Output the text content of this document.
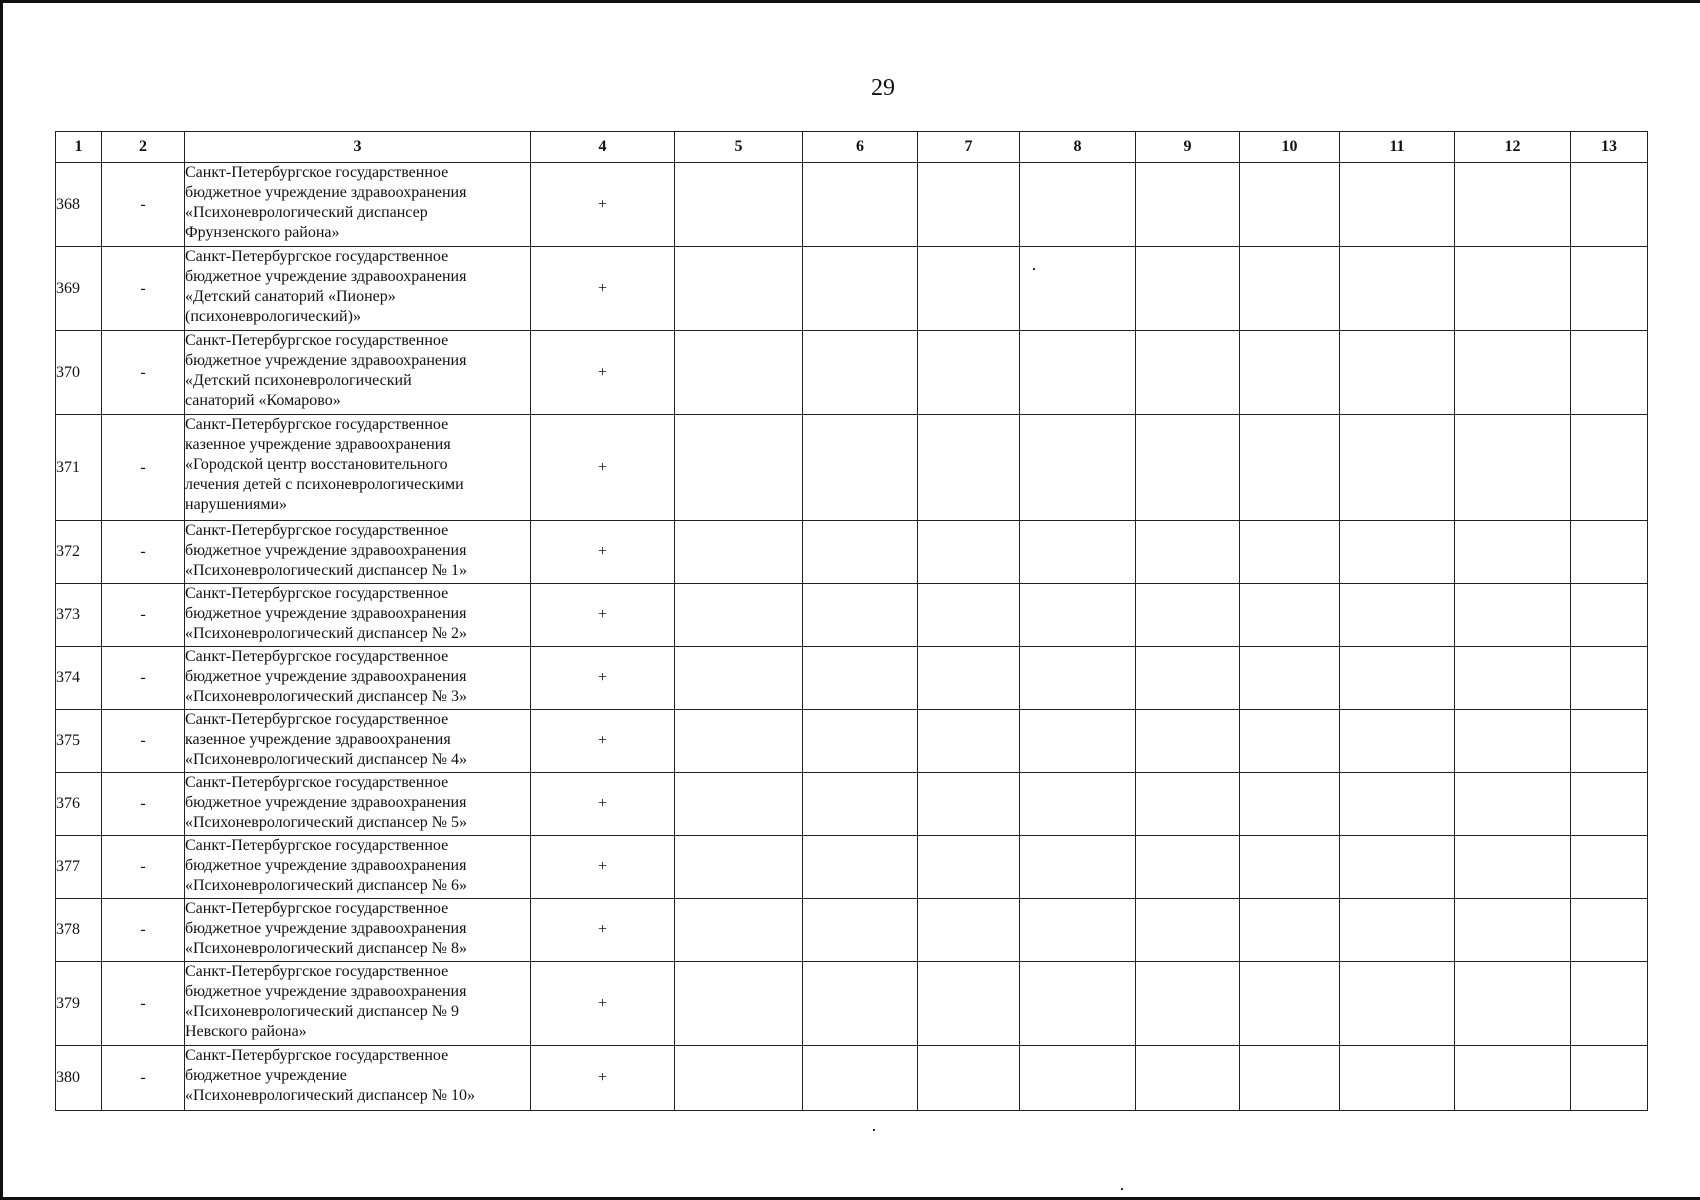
29
1	2	3	4	5	6	7	8	9	10	11	12	13
368	-	Санкт-Петербургское государственное
бюджетное учреждение здравоохранения
«Психоневрологический диспансер
Фрунзенского района»	+									
369	-	Санкт-Петербургское государственное
бюджетное учреждение здравоохранения
«Детский санаторий «Пионер»
(психоневрологический)»	+									
370	-	Санкт-Петербургское государственное
бюджетное учреждение здравоохранения
«Детский психоневрологический
санаторий «Комарово»	+									
371	-	Санкт-Петербургское государственное
казенное учреждение здравоохранения
«Городской центр восстановительного
лечения детей с психоневрологическими
нарушениями»	+									
372	-	Санкт-Петербургское государственное
бюджетное учреждение здравоохранения
«Психоневрологический диспансер № 1»	+									
373	-	Санкт-Петербургское государственное
бюджетное учреждение здравоохранения
«Психоневрологический диспансер № 2»	+									
374	-	Санкт-Петербургское государственное
бюджетное учреждение здравоохранения
«Психоневрологический диспансер № 3»	+									
375	-	Санкт-Петербургское государственное
казенное учреждение здравоохранения
«Психоневрологический диспансер № 4»	+									
376	-	Санкт-Петербургское государственное
бюджетное учреждение здравоохранения
«Психоневрологический диспансер № 5»	+									
377	-	Санкт-Петербургское государственное
бюджетное учреждение здравоохранения
«Психоневрологический диспансер № 6»	+									
378	-	Санкт-Петербургское государственное
бюджетное учреждение здравоохранения
«Психоневрологический диспансер № 8»	+									
379	-	Санкт-Петербургское государственное
бюджетное учреждение здравоохранения
«Психоневрологический диспансер № 9
Невского района»	+									
380	-	Санкт-Петербургское государственное
бюджетное учреждение
«Психоневрологический диспансер № 10»	+									
